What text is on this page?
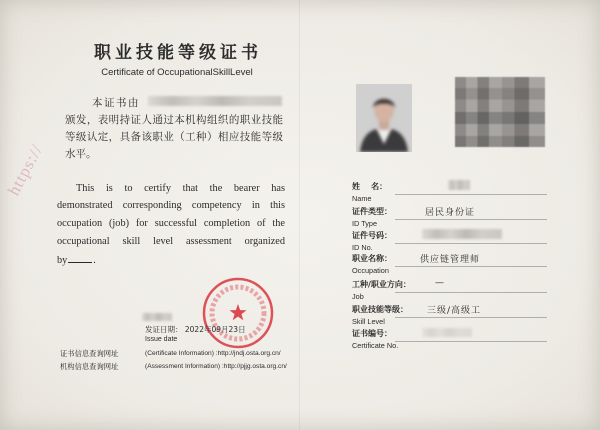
https://
职业技能等级证书
Certificate of OccupationalSkillLevel
本证书由
颁发，表明持证人通过本机构组织的职业技能
等级认定，具备该职业（工种）相应技能等级
水平。
This is to certify that the bearer has
demonstrated corresponding competency in this
occupation (job) for successful completion of the
occupational skill level assessment organized
by	.
发证日期： 2022年09月23日
Issue date
证书信息查询网址	(Certificate Information) :http://jndj.osta.org.cn/
机构信息查询网址	(Assessment Information) :http://pjjg.osta.org.cn/
姓    名：
Name
证件类型：
ID Type
居民身份证
证件号码：
ID No.
职业名称：
Occupation
供应链管理师
工种/职业方向：
Job
—
职业技能等级：
Skill Level
三级/高级工
证书编号：
Certificate No.
